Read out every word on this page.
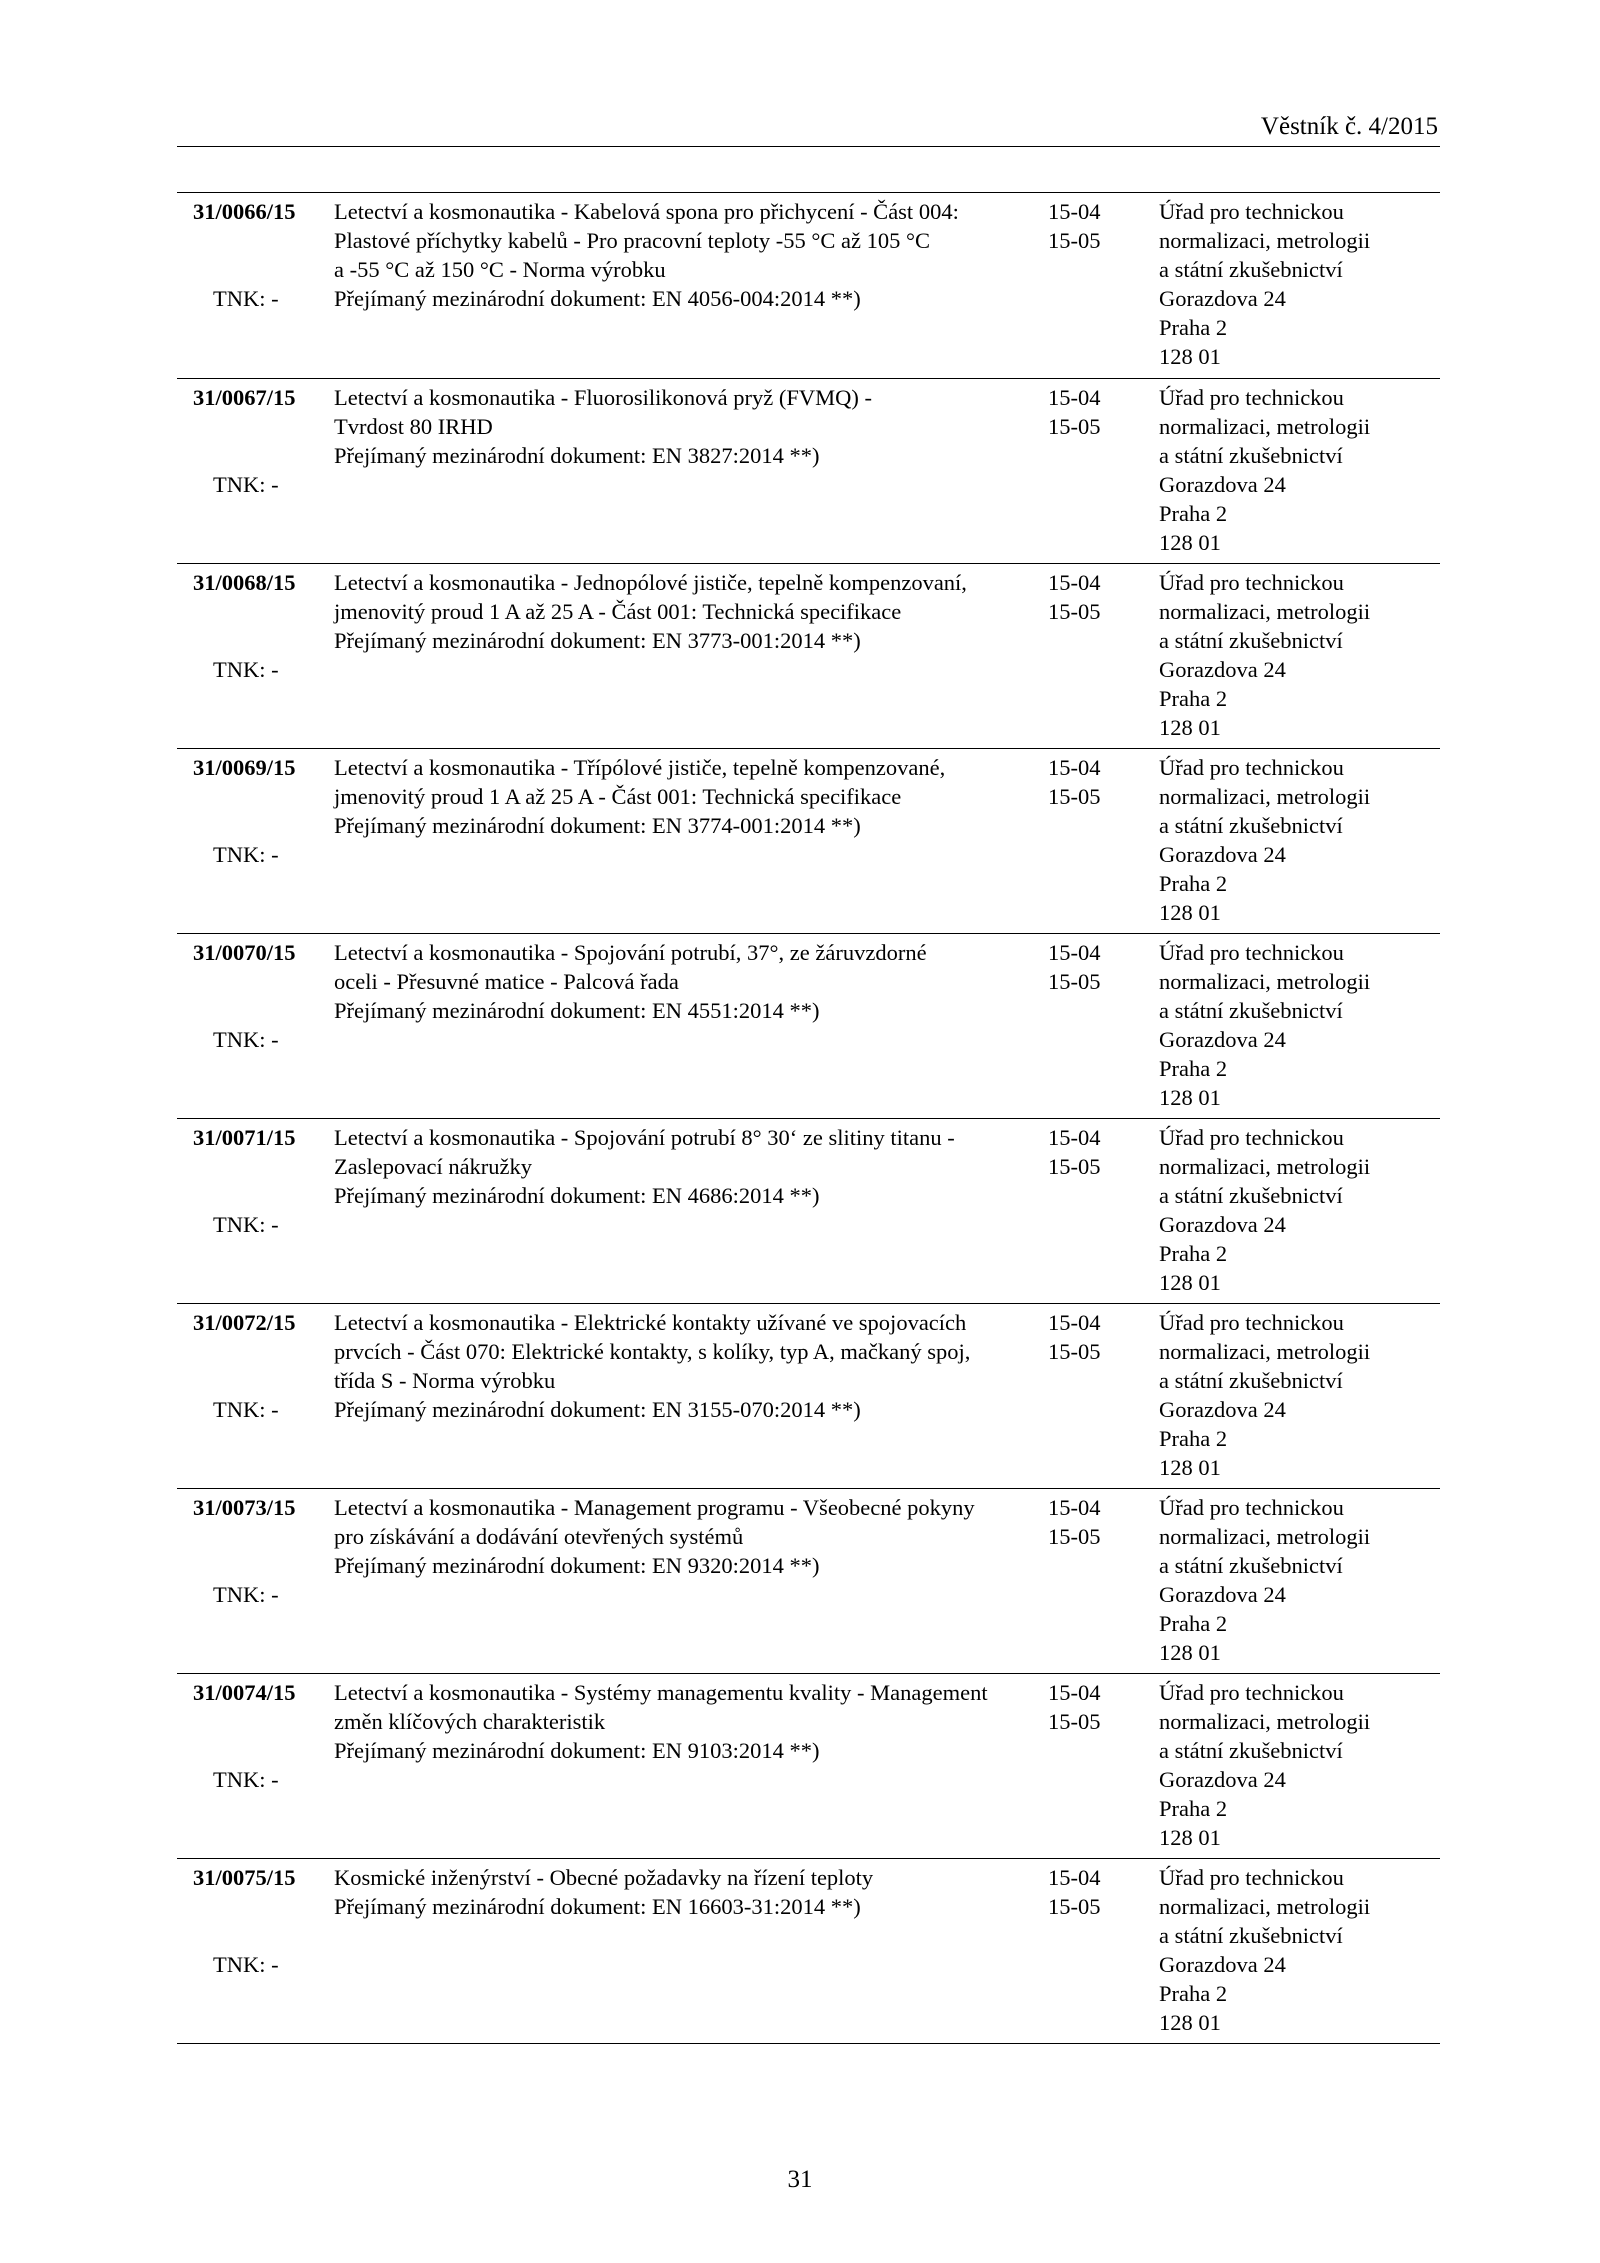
Věstník č. 4/2015
31/0066/15
TNK: -
Letectví a kosmonautika - Kabelová spona pro přichycení - Část 004:
Plastové příchytky kabelů - Pro pracovní teploty -55 °C až 105 °C
a -55 °C až 150 °C - Norma výrobku
Přejímaný mezinárodní dokument: EN 4056-004:2014 **)
15-04
15-05
Úřad pro technickou
normalizaci, metrologii
a státní zkušebnictví
Gorazdova 24
Praha 2
128 01
31/0067/15
TNK: -
Letectví a kosmonautika - Fluorosilikonová pryž (FVMQ) -
Tvrdost 80 IRHD
Přejímaný mezinárodní dokument: EN 3827:2014 **)
15-04
15-05
Úřad pro technickou
normalizaci, metrologii
a státní zkušebnictví
Gorazdova 24
Praha 2
128 01
31/0068/15
TNK: -
Letectví a kosmonautika - Jednopólové jističe, tepelně kompenzovaní,
jmenovitý proud 1 A až 25 A - Část 001: Technická specifikace
Přejímaný mezinárodní dokument: EN 3773-001:2014 **)
15-04
15-05
Úřad pro technickou
normalizaci, metrologii
a státní zkušebnictví
Gorazdova 24
Praha 2
128 01
31/0069/15
TNK: -
Letectví a kosmonautika - Třípólové jističe, tepelně kompenzované,
jmenovitý proud 1 A až 25 A - Část 001: Technická specifikace
Přejímaný mezinárodní dokument: EN 3774-001:2014 **)
15-04
15-05
Úřad pro technickou
normalizaci, metrologii
a státní zkušebnictví
Gorazdova 24
Praha 2
128 01
31/0070/15
TNK: -
Letectví a kosmonautika - Spojování potrubí, 37°, ze žáruvzdorné
oceli - Přesuvné matice - Palcová řada
Přejímaný mezinárodní dokument: EN 4551:2014 **)
15-04
15-05
Úřad pro technickou
normalizaci, metrologii
a státní zkušebnictví
Gorazdova 24
Praha 2
128 01
31/0071/15
TNK: -
Letectví a kosmonautika - Spojování potrubí 8° 30‘ ze slitiny titanu -
Zaslepovací nákružky
Přejímaný mezinárodní dokument: EN 4686:2014 **)
15-04
15-05
Úřad pro technickou
normalizaci, metrologii
a státní zkušebnictví
Gorazdova 24
Praha 2
128 01
31/0072/15
TNK: -
Letectví a kosmonautika - Elektrické kontakty užívané ve spojovacích
prvcích - Část 070: Elektrické kontakty, s kolíky, typ A, mačkaný spoj,
třída S - Norma výrobku
Přejímaný mezinárodní dokument: EN 3155-070:2014 **)
15-04
15-05
Úřad pro technickou
normalizaci, metrologii
a státní zkušebnictví
Gorazdova 24
Praha 2
128 01
31/0073/15
TNK: -
Letectví a kosmonautika - Management programu - Všeobecné pokyny
pro získávání a dodávání otevřených systémů
Přejímaný mezinárodní dokument: EN 9320:2014 **)
15-04
15-05
Úřad pro technickou
normalizaci, metrologii
a státní zkušebnictví
Gorazdova 24
Praha 2
128 01
31/0074/15
TNK: -
Letectví a kosmonautika - Systémy managementu kvality - Management
změn klíčových charakteristik
Přejímaný mezinárodní dokument: EN 9103:2014 **)
15-04
15-05
Úřad pro technickou
normalizaci, metrologii
a státní zkušebnictví
Gorazdova 24
Praha 2
128 01
31/0075/15
TNK: -
Kosmické inženýrství - Obecné požadavky na řízení teploty
Přejímaný mezinárodní dokument: EN 16603-31:2014 **)
15-04
15-05
Úřad pro technickou
normalizaci, metrologii
a státní zkušebnictví
Gorazdova 24
Praha 2
128 01
31
